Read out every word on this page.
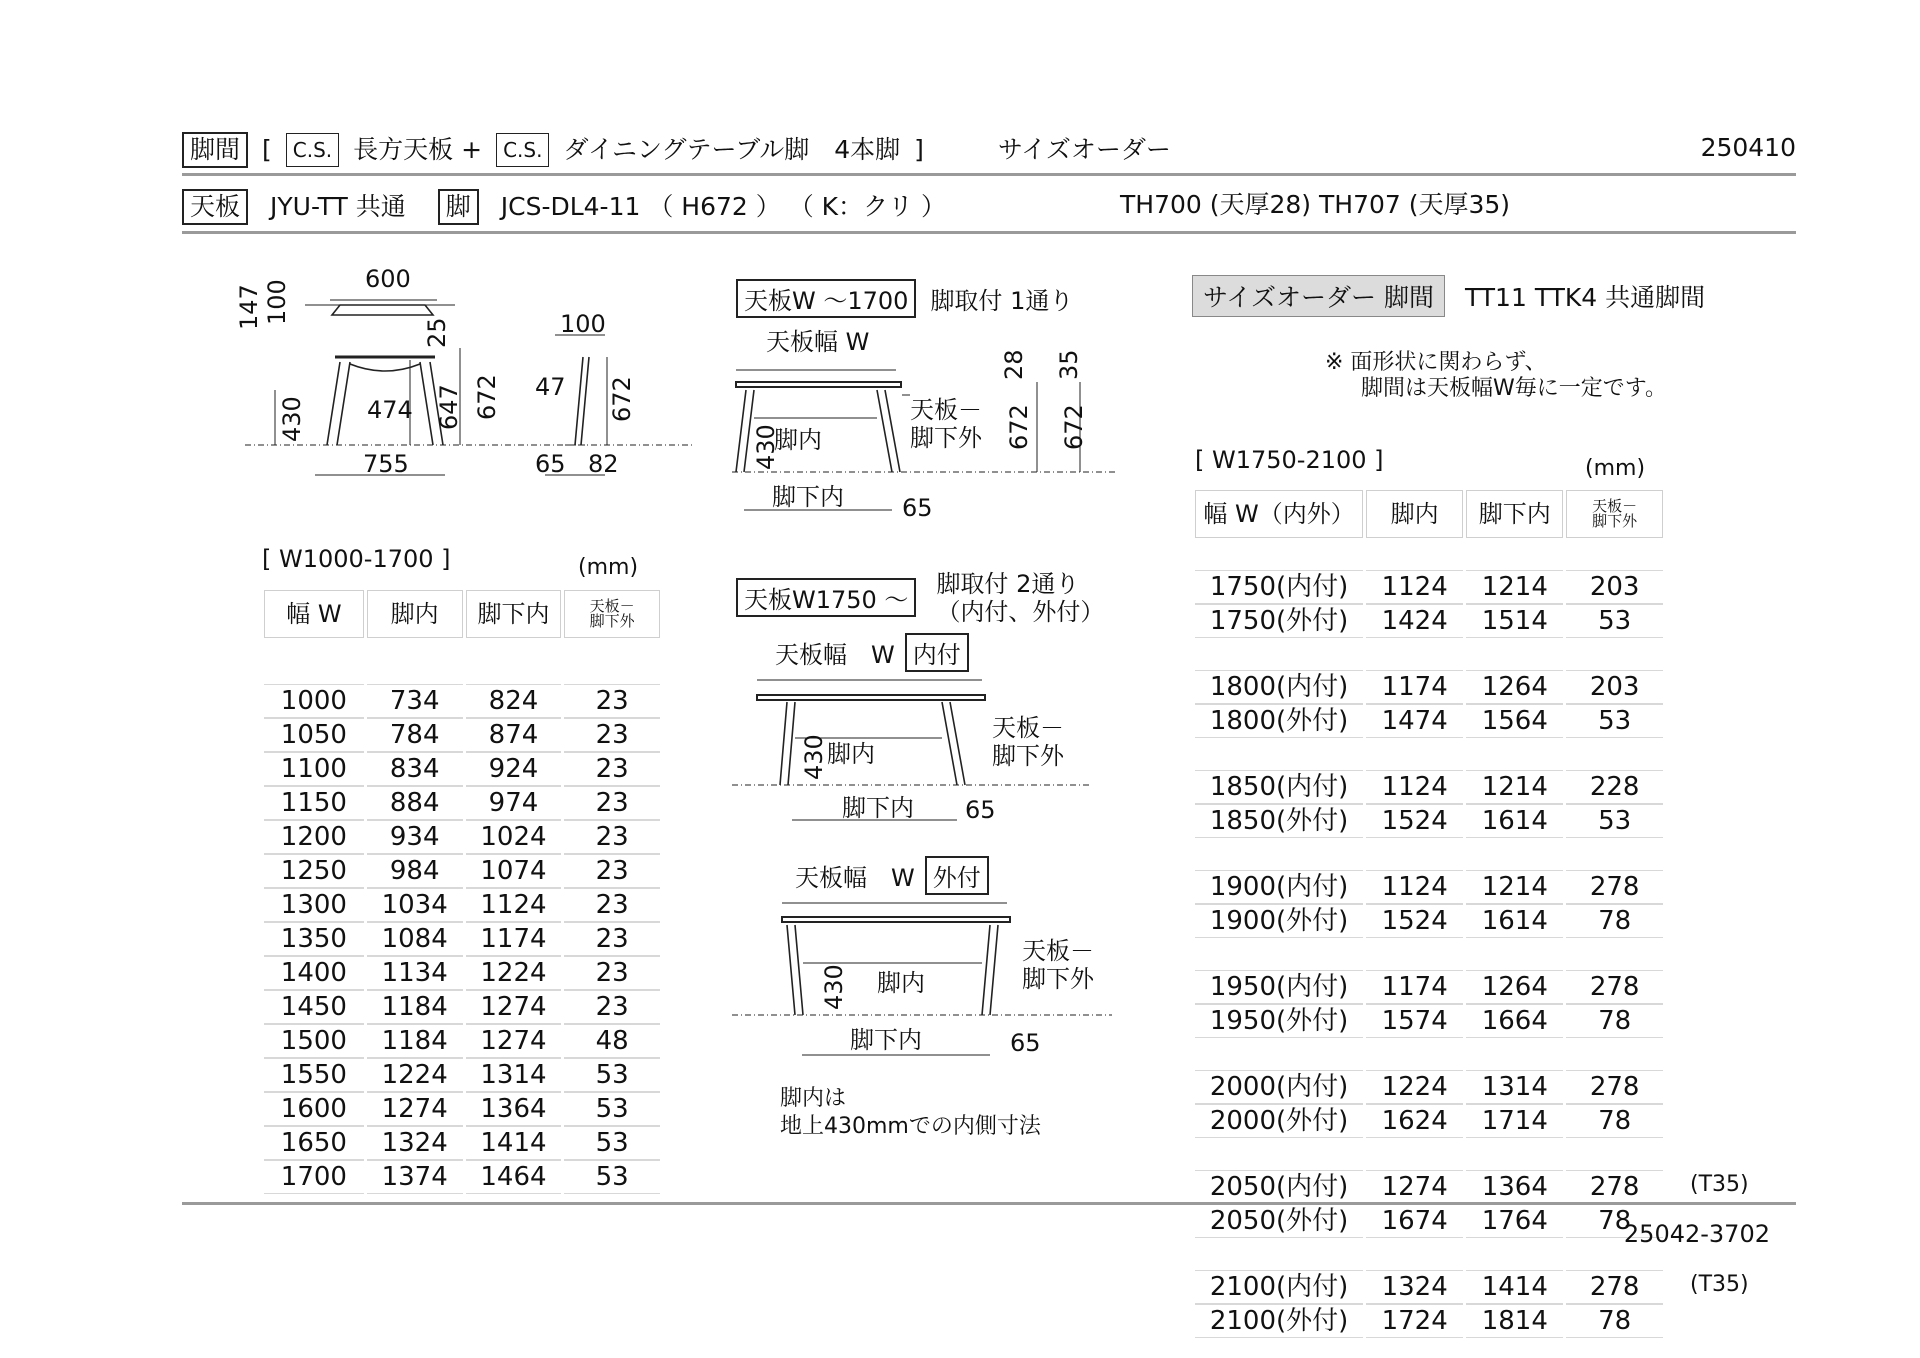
脚間 [	C.S. 長方天板 +	C.S. ダイニングテーブル脚　4本脚 ]	サイズオーダー	250410
天板	JYU-TT 共通	脚	JCS-DL4-11 （ H672 ） （ K：クリ ）	TH700 (天厚28) TH707 (天厚35)
600
147 100
25	100
430	474 647 672 47 672
755	65 82
[ W1000-1700 ]	(mm)
幅 W	脚内	脚下内	天板－
脚下外

1000	734	824	23
1050	784	874	23
1100	834	924	23
1150	884	974	23
1200	934	1024	23
1250	984	1074	23
1300	1034	1124	23
1350	1084	1174	23
1400	1134	1224	23
1450	1184	1274	23
1500	1184	1274	48
1550	1224	1314	53
1600	1274	1364	53
1650	1324	1414	53
1700	1374	1464	53
天板W ～1700 脚取付 1通り
天板幅 W
脚内
天板－
脚下外
430
28 35
672 672
脚下内 65
天板W1750 ～
脚取付 2通り
（内付、外付）
天板幅　W 内付
脚内
天板－
脚下外
430
脚下内 65
天板幅　W 外付
脚内
天板－
脚下外
430
脚下内	65
脚内は
地上430mmでの内側寸法
サイズオーダー 脚間	TT11 TTK4 共通脚間
※ 面形状に関わらず、
脚間は天板幅W毎に一定です。
[ W1750-2100 ]	(mm)
幅 W（内外）	脚内	脚下内	天板－
脚下外

1750(内付)	1124	1214	203
1750(外付)	1424	1514	53

1800(内付)	1174	1264	203
1800(外付)	1474	1564	53

1850(内付)	1124	1214	228
1850(外付)	1524	1614	53

1900(内付)	1124	1214	278
1900(外付)	1524	1614	78

1950(内付)	1174	1264	278
1950(外付)	1574	1664	78

2000(内付)	1224	1314	278
2000(外付)	1624	1714	78

2050(内付)	1274	1364	278
2050(外付)	1674	1764	78

2100(内付)	1324	1414	278
2100(外付)	1724	1814	78
(T35)
(T35)
25042-3702
